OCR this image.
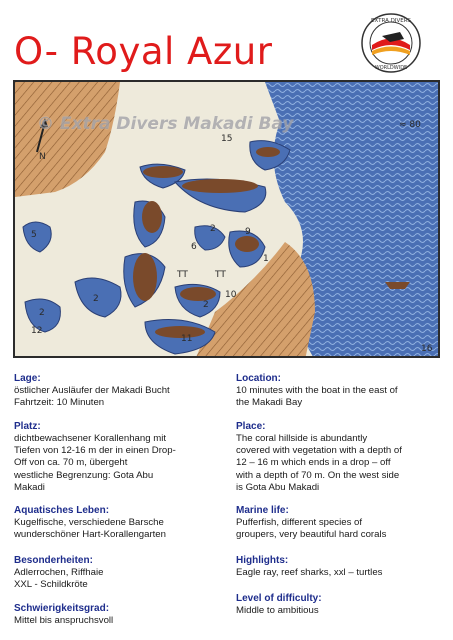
O- Royal Azur
EXTRA DIVERS
WORLDWIDE
© Extra Divers Makadi Bay
N
≈ 80
15
5
12
6
9
2
2
2
2
1
10
11
TT	TT
16
Lage:
östlicher Ausläufer der Makadi Bucht
Fahrtzeit: 10 Minuten
Platz:
dichtbewachsener Korallenhang mit
Tiefen von 12-16 m der in einen Drop-
Off von ca. 70 m, übergeht
westliche Begrenzung: Gota Abu
Makadi
Aquatisches Leben:
Kugelfische, verschiedene Barsche
wunderschöner Hart-Korallengarten
Besonderheiten:
Adlerrochen, Riffhaie
XXL - Schildkröte
Schwierigkeitsgrad:
Mittel bis anspruchsvoll
Location:
10 minutes with the boat in the east of
the Makadi Bay
Place:
The coral hillside is abundantly
covered with vegetation with a depth of
12 – 16 m which ends in a drop – off
with a depth of 70 m. On the west side
is Gota Abu Makadi
Marine life:
Pufferfish, different species of
groupers, very beautiful hard corals
Highlights:
Eagle ray, reef sharks, xxl – turtles
Level of difficulty:
Middle to ambitious
